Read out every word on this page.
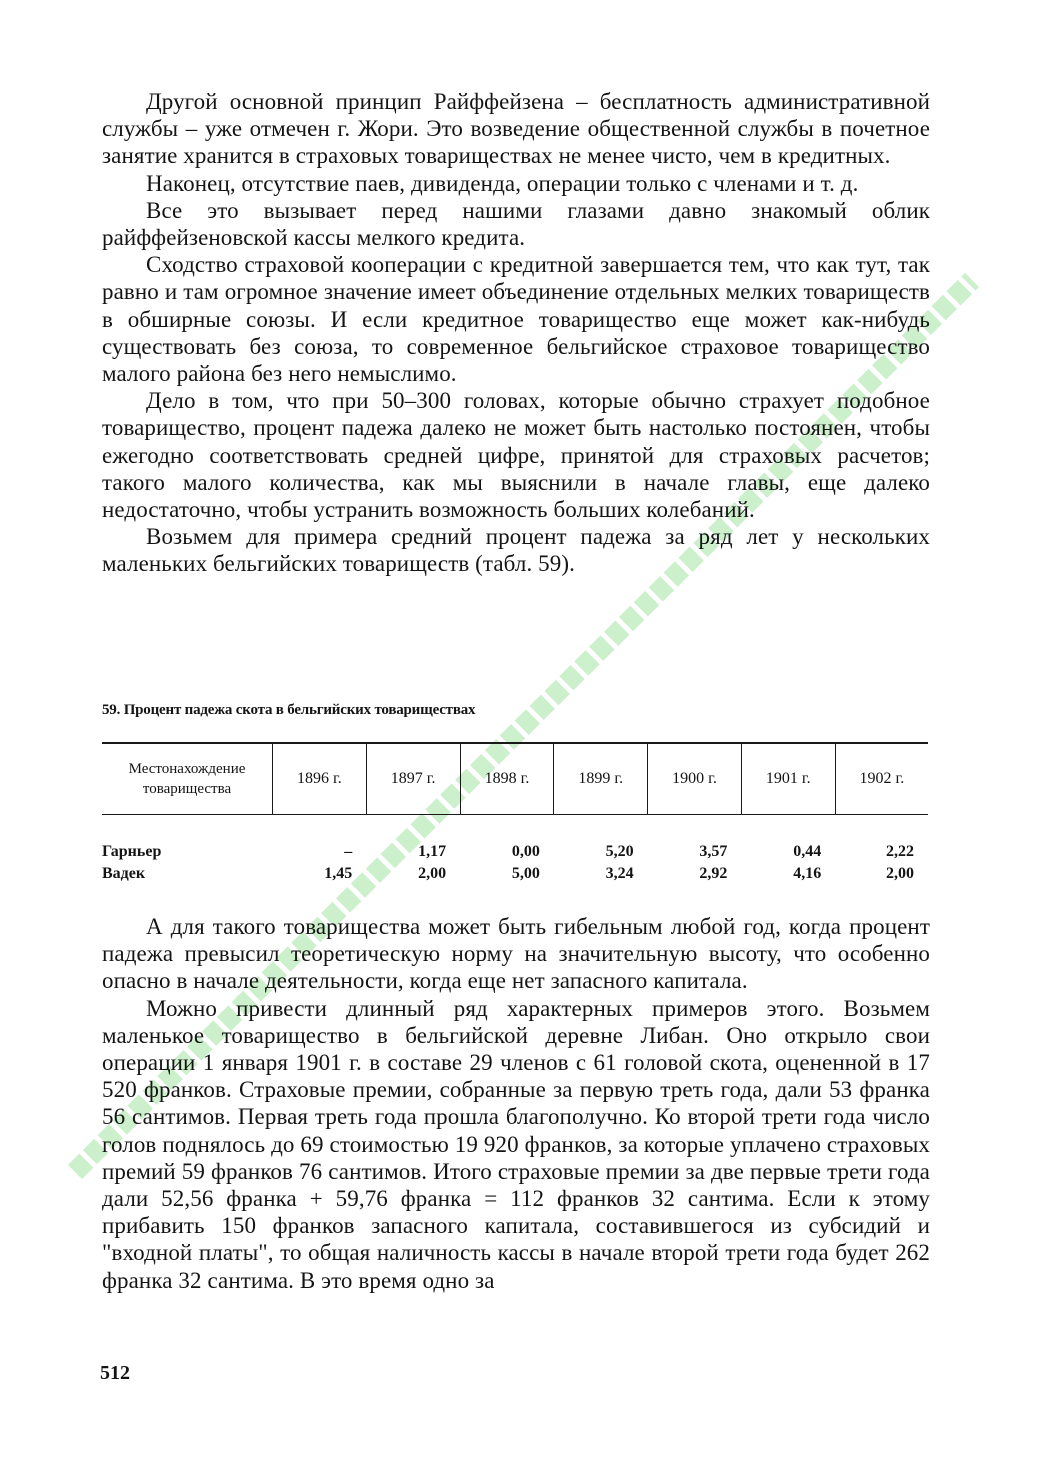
Другой основной принцип Райффейзена – бесплатность административной службы – уже отмечен г. Жори. Это возведение общественной службы в почетное занятие хранится в страховых товариществах не менее чисто, чем в кредитных.

Наконец, отсутствие паев, дивиденда, операции только с членами и т. д.

Все это вызывает перед нашими глазами давно знакомый облик райффейзеновской кассы мелкого кредита.

Сходство страховой кооперации с кредитной завершается тем, что как тут, так равно и там огромное значение имеет объединение отдельных мелких товариществ в обширные союзы. И если кредитное товарищество еще может как-нибудь существовать без союза, то современное бельгийское страховое товарищество малого района без него немыслимо.

Дело в том, что при 50–300 головах, которые обычно страхует подобное товарищество, процент падежа далеко не может быть настолько постоянен, чтобы ежегодно соответствовать средней цифре, принятой для страховых расчетов; такого малого количества, как мы выяснили в начале главы, еще далеко недостаточно, чтобы устранить возможность больших колебаний.

Возьмем для примера средний процент падежа за ряд лет у нескольких маленьких бельгийских товариществ (табл. 59).

59. Процент падежа скота в бельгийских товариществах
Местонахождение товарищества	1896 г.	1897 г.	1898 г.	1899 г.	1900 г.	1901 г.	1902 г.

Гарньер	–	1,17	0,00	5,20	3,57	0,44	2,22
Вадек	1,45	2,00	5,00	3,24	2,92	4,16	2,00

А для такого товарищества может быть гибельным любой год, когда процент падежа превысил теоретическую норму на значительную высоту, что особенно опасно в начале деятельности, когда еще нет запасного капитала.

Можно привести длинный ряд характерных примеров этого. Возьмем маленькое товарищество в бельгийской деревне Либан. Оно открыло свои операции 1 января 1901 г. в составе 29 членов с 61 головой скота, оцененной в 17 520 франков. Страховые премии, собранные за первую треть года, дали 53 франка 56 сантимов. Первая треть года прошла благополучно. Ко второй трети года число голов поднялось до 69 стоимостью 19 920 франков, за которые уплачено страховых премий 59 франков 76 сантимов. Итого страховые премии за две первые трети года дали 52,56 франка + 59,76 франка = 112 франков 32 сантима. Если к этому прибавить 150 франков запасного капитала, составившегося из субсидий и "входной платы", то общая наличность кассы в начале второй трети года будет 262 франка 32 сантима. В это время одно за

512
